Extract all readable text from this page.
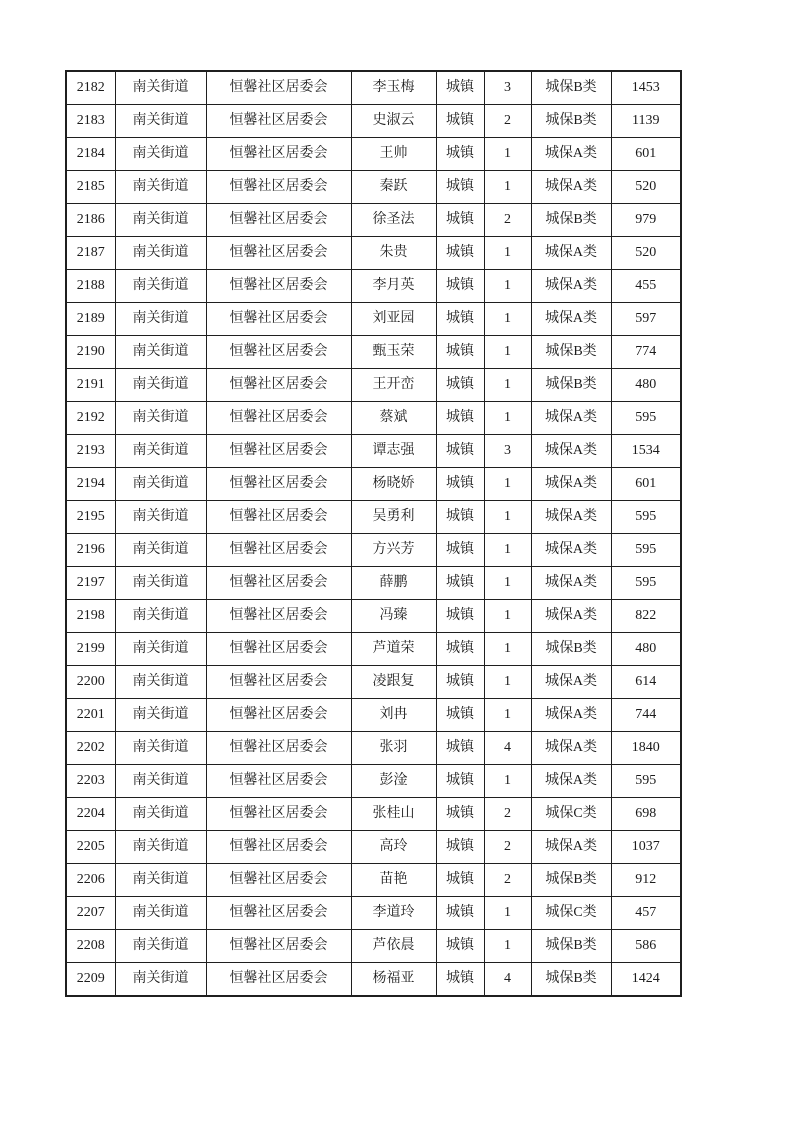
2182	南关街道	恒馨社区居委会	李玉梅	城镇	3	城保B类	1453
2183	南关街道	恒馨社区居委会	史淑云	城镇	2	城保B类	1139
2184	南关街道	恒馨社区居委会	王帅	城镇	1	城保A类	601
2185	南关街道	恒馨社区居委会	秦跃	城镇	1	城保A类	520
2186	南关街道	恒馨社区居委会	徐圣法	城镇	2	城保B类	979
2187	南关街道	恒馨社区居委会	朱贵	城镇	1	城保A类	520
2188	南关街道	恒馨社区居委会	李月英	城镇	1	城保A类	455
2189	南关街道	恒馨社区居委会	刘亚园	城镇	1	城保A类	597
2190	南关街道	恒馨社区居委会	甄玉荣	城镇	1	城保B类	774
2191	南关街道	恒馨社区居委会	王开峦	城镇	1	城保B类	480
2192	南关街道	恒馨社区居委会	蔡斌	城镇	1	城保A类	595
2193	南关街道	恒馨社区居委会	谭志强	城镇	3	城保A类	1534
2194	南关街道	恒馨社区居委会	杨晓娇	城镇	1	城保A类	601
2195	南关街道	恒馨社区居委会	吴勇利	城镇	1	城保A类	595
2196	南关街道	恒馨社区居委会	方兴芳	城镇	1	城保A类	595
2197	南关街道	恒馨社区居委会	薛鹏	城镇	1	城保A类	595
2198	南关街道	恒馨社区居委会	冯臻	城镇	1	城保A类	822
2199	南关街道	恒馨社区居委会	芦道荣	城镇	1	城保B类	480
2200	南关街道	恒馨社区居委会	凌跟复	城镇	1	城保A类	614
2201	南关街道	恒馨社区居委会	刘冉	城镇	1	城保A类	744
2202	南关街道	恒馨社区居委会	张羽	城镇	4	城保A类	1840
2203	南关街道	恒馨社区居委会	彭淦	城镇	1	城保A类	595
2204	南关街道	恒馨社区居委会	张桂山	城镇	2	城保C类	698
2205	南关街道	恒馨社区居委会	高玲	城镇	2	城保A类	1037
2206	南关街道	恒馨社区居委会	苗艳	城镇	2	城保B类	912
2207	南关街道	恒馨社区居委会	李道玲	城镇	1	城保C类	457
2208	南关街道	恒馨社区居委会	芦依晨	城镇	1	城保B类	586
2209	南关街道	恒馨社区居委会	杨福亚	城镇	4	城保B类	1424
